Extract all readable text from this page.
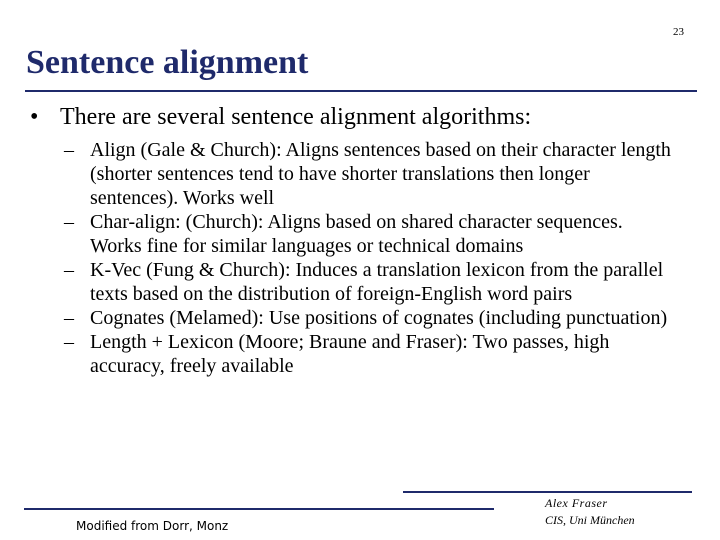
23
Sentence alignment
• There are several sentence alignment algorithms:
– Align (Gale & Church): Aligns sentences based on their character length (shorter sentences tend to have shorter translations then longer sentences). Works well
– Char-align: (Church): Aligns based on shared character sequences. Works fine for similar languages or technical domains
– K-Vec (Fung & Church): Induces a translation lexicon from the parallel texts based on the distribution of foreign-English word pairs
– Cognates (Melamed): Use positions of cognates (including punctuation)
– Length + Lexicon (Moore; Braune and Fraser): Two passes, high accuracy, freely available
Modified from Dorr, Monz
Alex Fraser
CIS, Uni München
